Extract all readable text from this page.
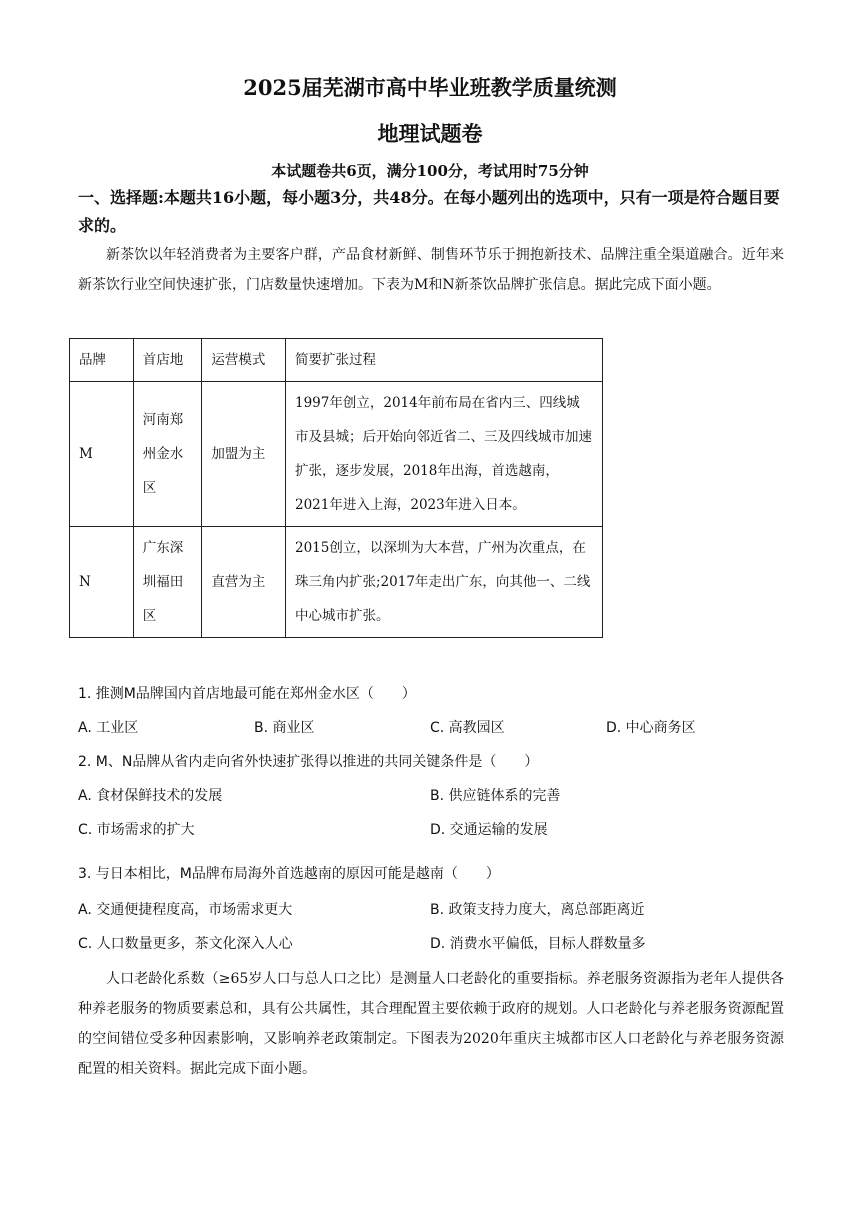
2025届芜湖市高中毕业班教学质量统测
地理试题卷
本试题卷共6页，满分100分，考试用时75分钟
一、选择题:本题共16小题，每小题3分，共48分。在每小题列出的选项中，只有一项是符合题目要求的。
新茶饮以年轻消费者为主要客户群，产品食材新鲜、制售环节乐于拥抱新技术、品牌注重全渠道融合。近年来新茶饮行业空间快速扩张，门店数量快速增加。下表为M和N新茶饮品牌扩张信息。据此完成下面小题。
品牌	首店地	运营模式	简要扩张过程
M	河南郑州金水区	加盟为主	1997年创立，2014年前布局在省内三、四线城市及县城；后开始向邻近省二、三及四线城市加速扩张，逐步发展，2018年出海，首选越南，2021年进入上海，2023年进入日本。
N	广东深圳福田区	直营为主	2015创立，以深圳为大本营，广州为次重点，在珠三角内扩张;2017年走出广东，向其他一、二线中心城市扩张。
1. 推测M品牌国内首店地最可能在郑州金水区（　　）
A. 工业区	B. 商业区	C. 高教园区	D. 中心商务区
2. M、N品牌从省内走向省外快速扩张得以推进的共同关键条件是（　　）
A. 食材保鲜技术的发展	B. 供应链体系的完善
C. 市场需求的扩大	D. 交通运输的发展
3. 与日本相比，M品牌布局海外首选越南的原因可能是越南（　　）
A. 交通便捷程度高，市场需求更大	B. 政策支持力度大，离总部距离近
C. 人口数量更多，茶文化深入人心	D. 消费水平偏低，目标人群数量多
人口老龄化系数（≥65岁人口与总人口之比）是测量人口老龄化的重要指标。养老服务资源指为老年人提供各种养老服务的物质要素总和，具有公共属性，其合理配置主要依赖于政府的规划。人口老龄化与养老服务资源配置的空间错位受多种因素影响，又影响养老政策制定。下图表为2020年重庆主城都市区人口老龄化与养老服务资源配置的相关资料。据此完成下面小题。
